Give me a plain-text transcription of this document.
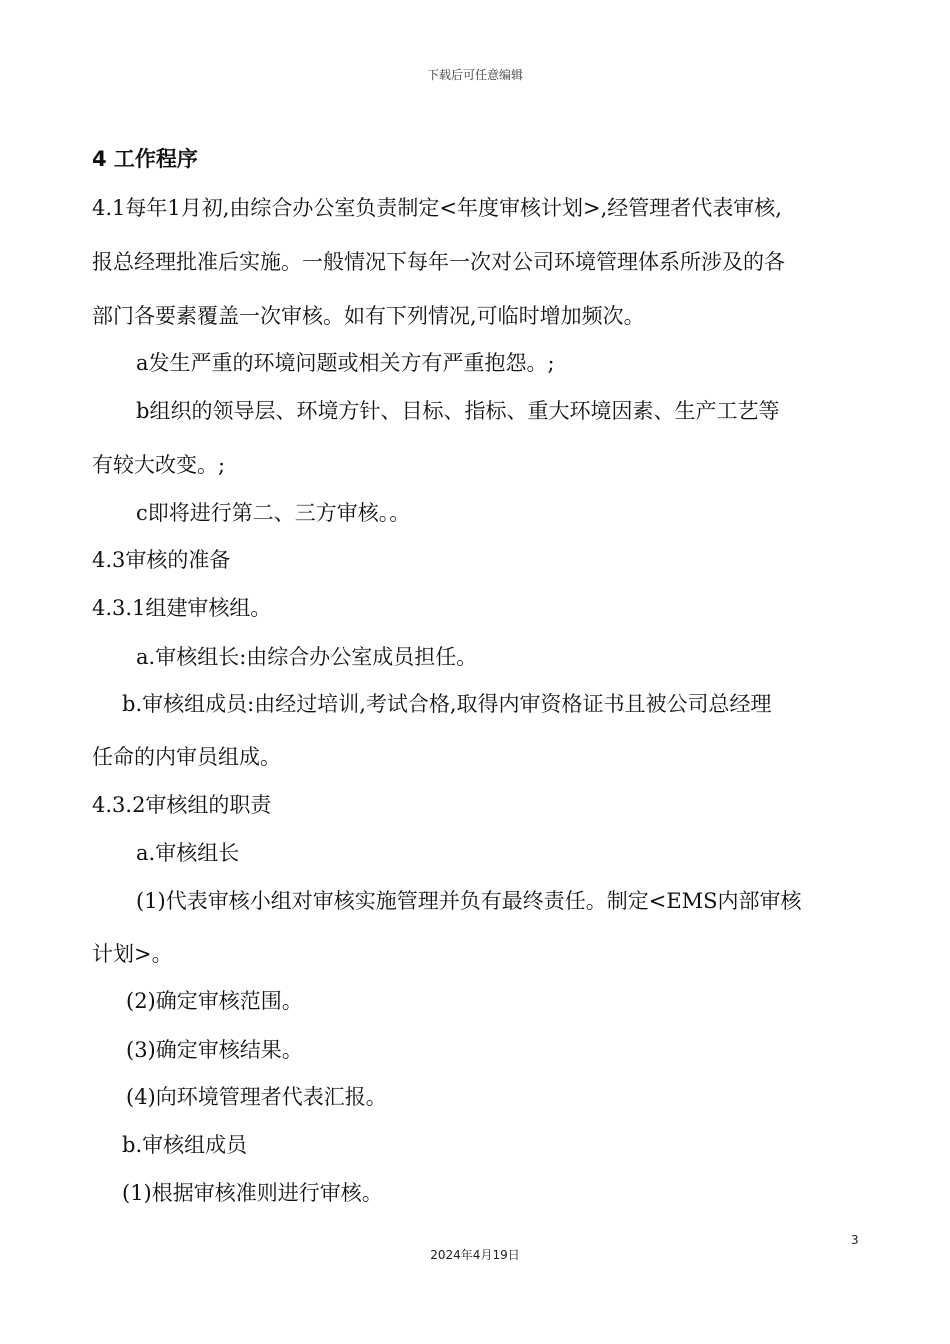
下载后可任意编辑
4 工作程序
4.1每年1月初,由综合办公室负责制定<年度审核计划>,经管理者代表审核,
报总经理批准后实施。一般情况下每年一次对公司环境管理体系所涉及的各
部门各要素覆盖一次审核。如有下列情况,可临时增加频次。
a发生严重的环境问题或相关方有严重抱怨。;
b组织的领导层、环境方针、目标、指标、重大环境因素、生产工艺等
有较大改变。;
c即将进行第二、三方审核。。
4.3审核的准备
4.3.1组建审核组。
a.审核组长:由综合办公室成员担任。
b.审核组成员:由经过培训,考试合格,取得内审资格证书且被公司总经理
任命的内审员组成。
4.3.2审核组的职责
a.审核组长
(1)代表审核小组对审核实施管理并负有最终责任。制定<EMS内部审核
计划>。
(2)确定审核范围。
(3)确定审核结果。
(4)向环境管理者代表汇报。
b.审核组成员
(1)根据审核准则进行审核。
3
2024年4月19日
